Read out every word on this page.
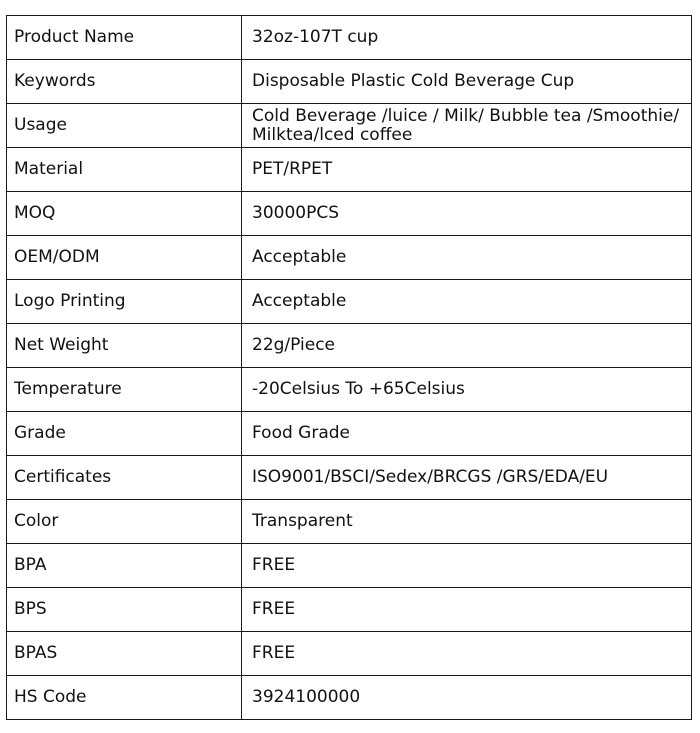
Product Name	32oz-107T cup
Keywords	Disposable Plastic Cold Beverage Cup
Usage	Cold Beverage /luice / Milk/ Bubble tea /Smoothie/ Milktea/lced coffee
Material	PET/RPET
MOQ	30000PCS
OEM/ODM	Acceptable
Logo Printing	Acceptable
Net Weight	22g/Piece
Temperature	-20Celsius To +65Celsius
Grade	Food Grade
Certificates	ISO9001/BSCI/Sedex/BRCGS /GRS/EDA/EU
Color	Transparent
BPA	FREE
BPS	FREE
BPAS	FREE
HS Code	3924100000
